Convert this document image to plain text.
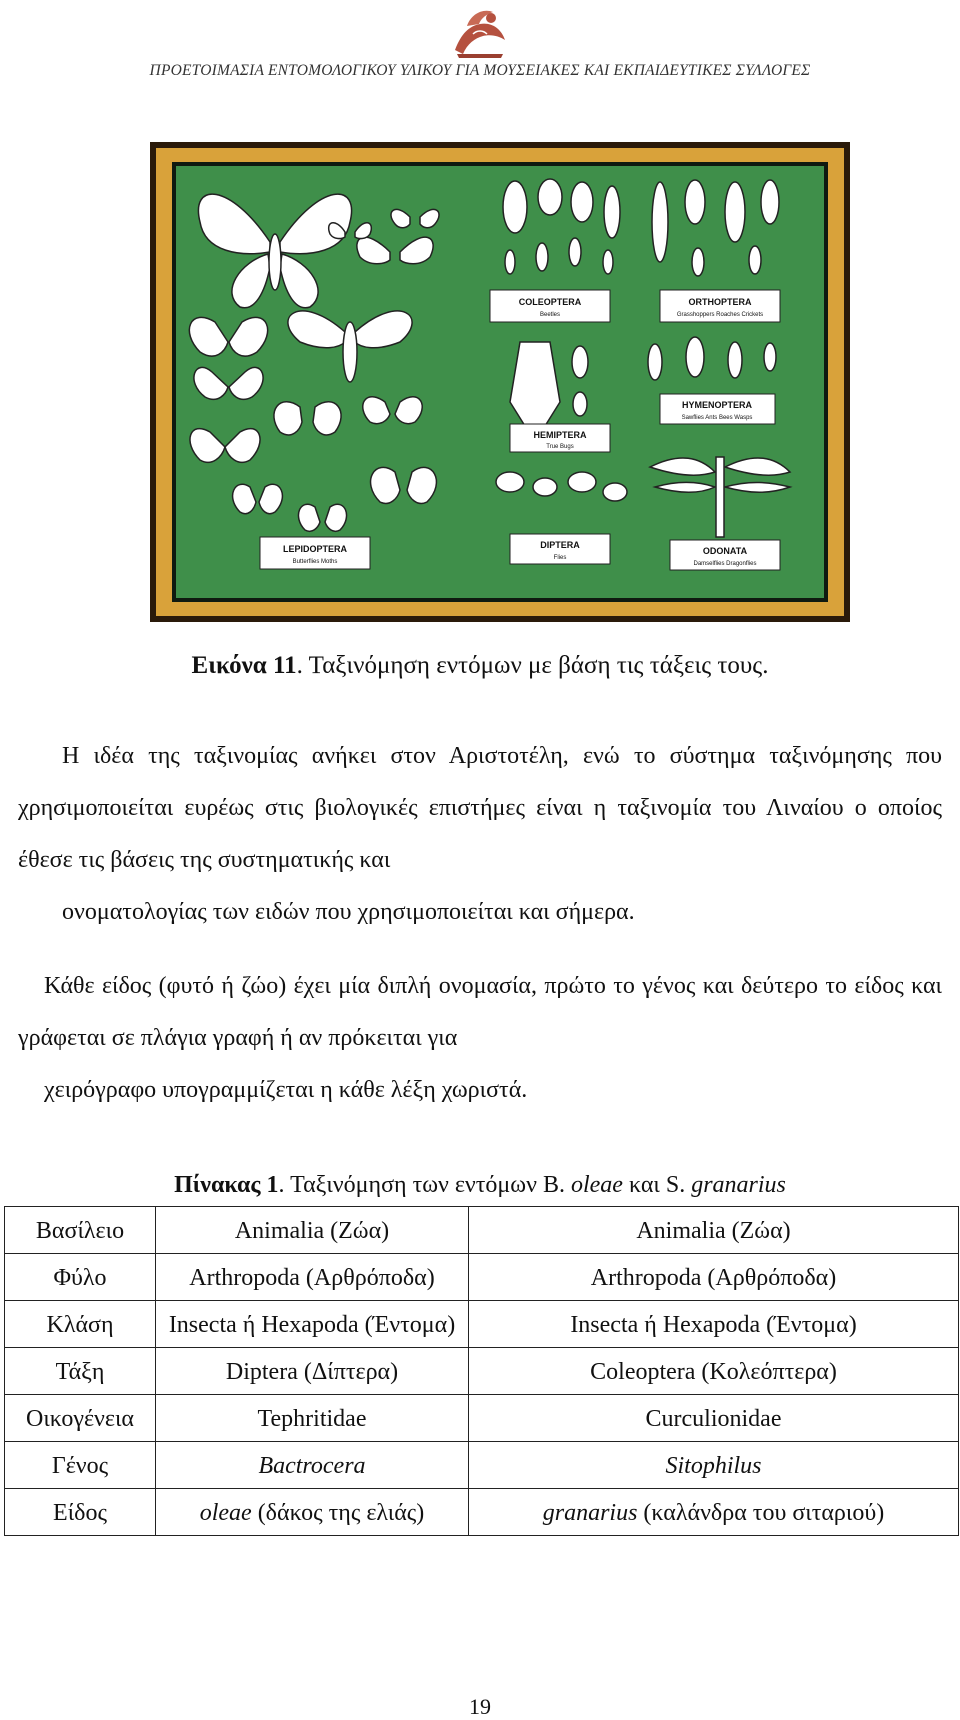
ΠΡΟΕΤΟΙΜΑΣΙΑ ΕΝΤΟΜΟΛΟΓΙΚΟΥ ΥΛΙΚΟΥ ΓΙΑ ΜΟΥΣΕΙΑΚΕΣ ΚΑΙ ΕΚΠΑΙΔΕΥΤΙΚΕΣ ΣΥΛΛΟΓΕΣ
LEPIDOPTERA
Butterflies Moths
COLEOPTERA
Beetles
ORTHOPTERA
Grasshoppers Roaches Crickets
HEMIPTERA
True Bugs
HYMENOPTERA
Sawflies Ants Bees Wasps
DIPTERA
Flies
ODONATA
Damselflies Dragonflies
Εικόνα 11. Ταξινόμηση εντόμων με βάση τις τάξεις τους.

Η ιδέα της ταξινομίας ανήκει στον Αριστοτέλη, ενώ το σύστημα ταξινόμησης που χρησιμοποιείται ευρέως στις βιολογικές επιστήμες είναι η ταξινομία του Λιναίου ο οποίος έθεσε τις βάσεις της συστηματικής και
ονοματολογίας των ειδών που χρησιμοποιείται και σήμερα.

Κάθε είδος (φυτό ή ζώο) έχει μία διπλή ονομασία, πρώτο το γένος και δεύτερο το είδος και γράφεται σε πλάγια γραφή ή αν πρόκειται για
χειρόγραφο υπογραμμίζεται η κάθε λέξη χωριστά.

Πίνακας 1. Ταξινόμηση των εντόμων B. oleae και S. granarius
Βασίλειο	Animalia (Ζώα)	Animalia (Ζώα)
Φύλο	Arthropoda (Αρθρόποδα)	Arthropoda (Αρθρόποδα)
Κλάση	Insecta ή Hexapoda (Έντομα)	Insecta ή Hexapoda (Έντομα)
Τάξη	Diptera (Δίπτερα)	Coleoptera (Κολεόπτερα)
Οικογένεια	Tephritidae	Curculionidae
Γένος	Bactrocera	Sitophilus
Είδος	oleae (δάκος της ελιάς)	granarius (καλάνδρα του σιταριού)
19
